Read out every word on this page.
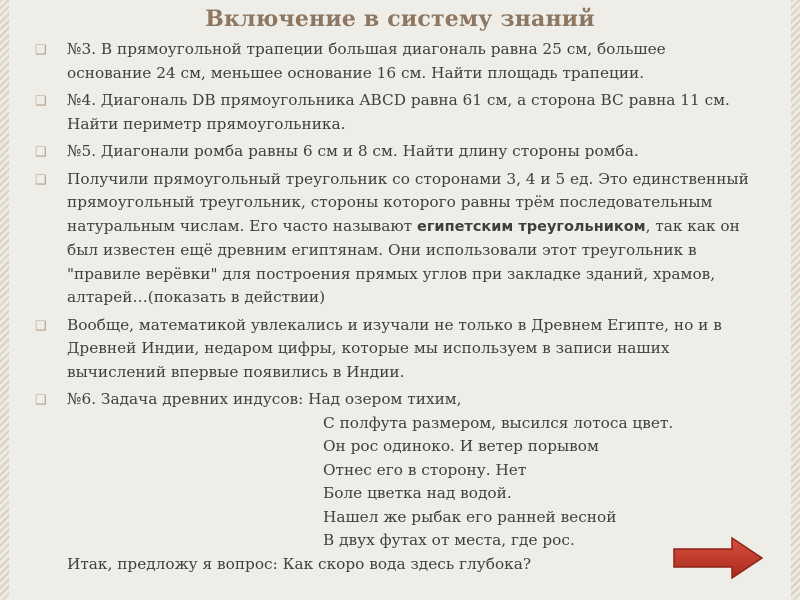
Включение в систему знаний
❑ №3. В прямоугольной трапеции большая диагональ равна 25 см, большее основание 24 см, меньшее основание 16 см. Найти площадь трапеции.
❑ №4. Диагональ DB прямоугольника ABCD равна 61 см, а сторона BC равна 11 см. Найти периметр прямоугольника.
❑ №5. Диагонали ромба равны 6 см и 8 см. Найти длину стороны ромба.
❑ Получили прямоугольный треугольник со сторонами 3, 4 и 5 ед. Это единственный прямоугольный треугольник, стороны которого равны трём последовательным натуральным числам. Его часто называют египетским треугольником, так как он был известен ещё древним египтянам. Они использовали этот треугольник в "правиле верёвки" для построения прямых углов при закладке зданий, храмов, алтарей…(показать в действии)
❑ Вообще, математикой увлекались и изучали не только в Древнем Египте, но и в Древней Индии, недаром цифры, которые мы используем в записи наших вычислений впервые появились в Индии.
❑ №6. Задача древних индусов: Над озером тихим,
С полфута размером, высился лотоса цвет.
Он рос одиноко. И ветер порывом
Отнес его в сторону. Нет
Боле цветка над водой.
Нашел же рыбак его ранней весной
В двух футах от места, где рос.
Итак, предложу я вопрос: Как скоро вода здесь глубока?
